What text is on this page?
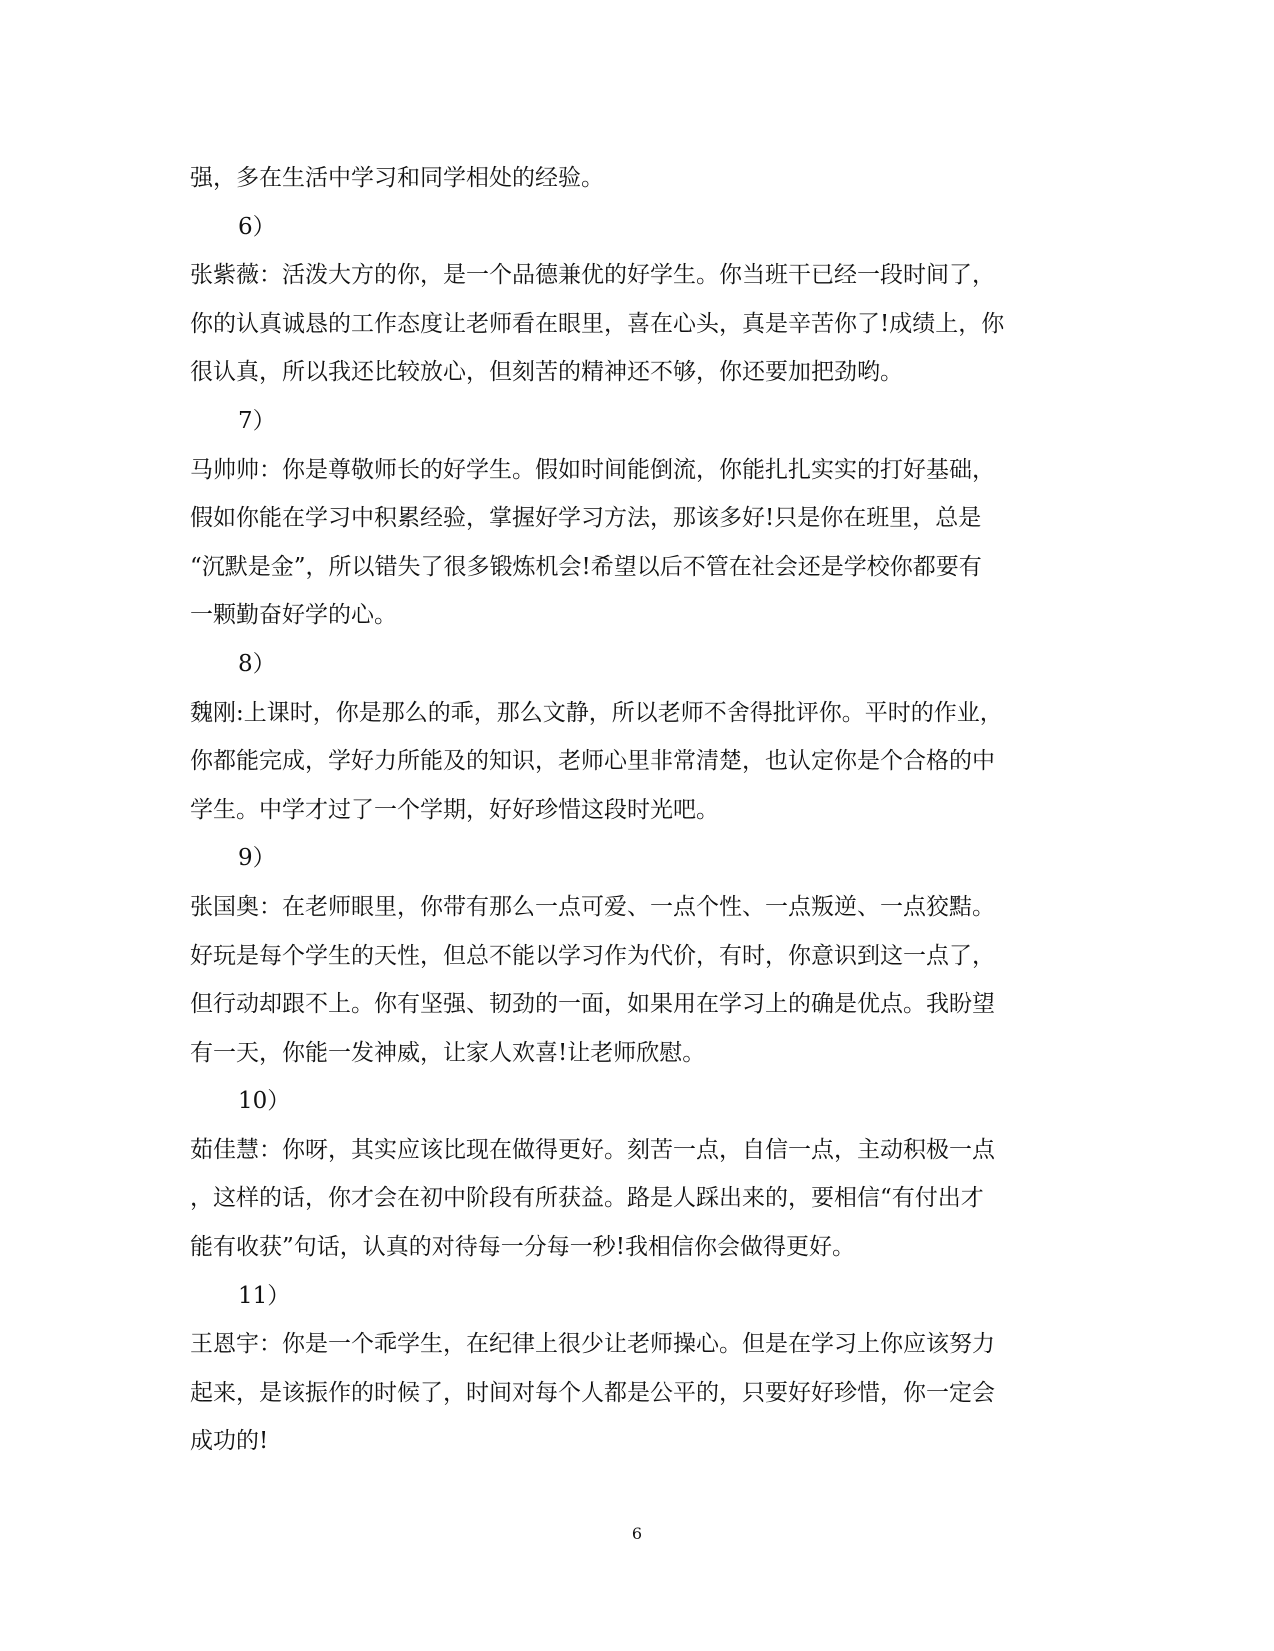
强，多在生活中学习和同学相处的经验。
6）
张紫薇：活泼大方的你，是一个品德兼优的好学生。你当班干已经一段时间了，
你的认真诚恳的工作态度让老师看在眼里，喜在心头，真是辛苦你了!成绩上，你
很认真，所以我还比较放心，但刻苦的精神还不够，你还要加把劲哟。
7）
马帅帅：你是尊敬师长的好学生。假如时间能倒流，你能扎扎实实的打好基础，
假如你能在学习中积累经验，掌握好学习方法，那该多好!只是你在班里，总是
“沉默是金”，所以错失了很多锻炼机会!希望以后不管在社会还是学校你都要有
一颗勤奋好学的心。
8）
魏刚:上课时，你是那么的乖，那么文静，所以老师不舍得批评你。平时的作业，
你都能完成，学好力所能及的知识，老师心里非常清楚，也认定你是个合格的中
学生。中学才过了一个学期，好好珍惜这段时光吧。
9）
张国奥：在老师眼里，你带有那么一点可爱、一点个性、一点叛逆、一点狡黠。
好玩是每个学生的天性，但总不能以学习作为代价，有时，你意识到这一点了，
但行动却跟不上。你有坚强、韧劲的一面，如果用在学习上的确是优点。我盼望
有一天，你能一发神威，让家人欢喜!让老师欣慰。
10）
茹佳慧：你呀，其实应该比现在做得更好。刻苦一点，自信一点，主动积极一点
，这样的话，你才会在初中阶段有所获益。路是人踩出来的，要相信“有付出才
能有收获”句话，认真的对待每一分每一秒!我相信你会做得更好。
11）
王恩宇：你是一个乖学生，在纪律上很少让老师操心。但是在学习上你应该努力
起来，是该振作的时候了，时间对每个人都是公平的，只要好好珍惜，你一定会
成功的!
6
